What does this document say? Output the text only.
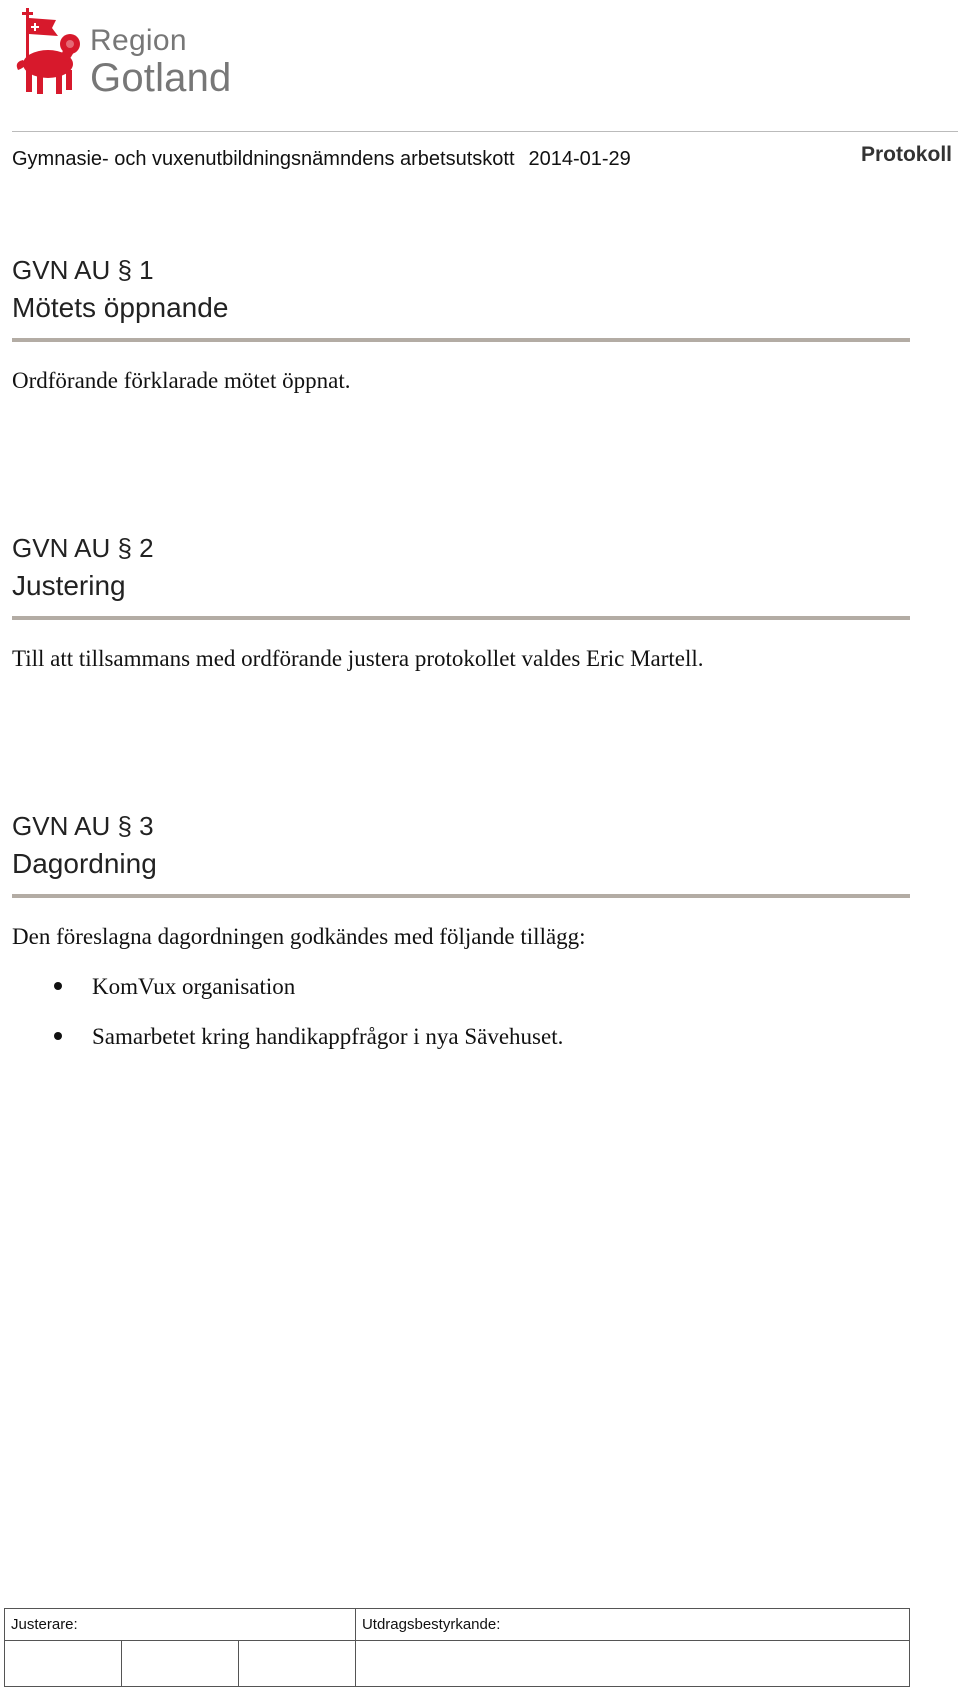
Region
Gotland
Gymnasie- och vuxenutbildningsnämndens arbetsutskott 2014-01-29	Protokoll
GVN AU § 1
Mötets öppnande
Ordförande förklarade mötet öppnat.
GVN AU § 2
Justering
Till att tillsammans med ordförande justera protokollet valdes Eric Martell.
GVN AU § 3
Dagordning
Den föreslagna dagordningen godkändes med följande tillägg:
KomVux organisation
Samarbetet kring handikappfrågor i nya Sävehuset.
Justerare:			Utdragsbestyrkande:
